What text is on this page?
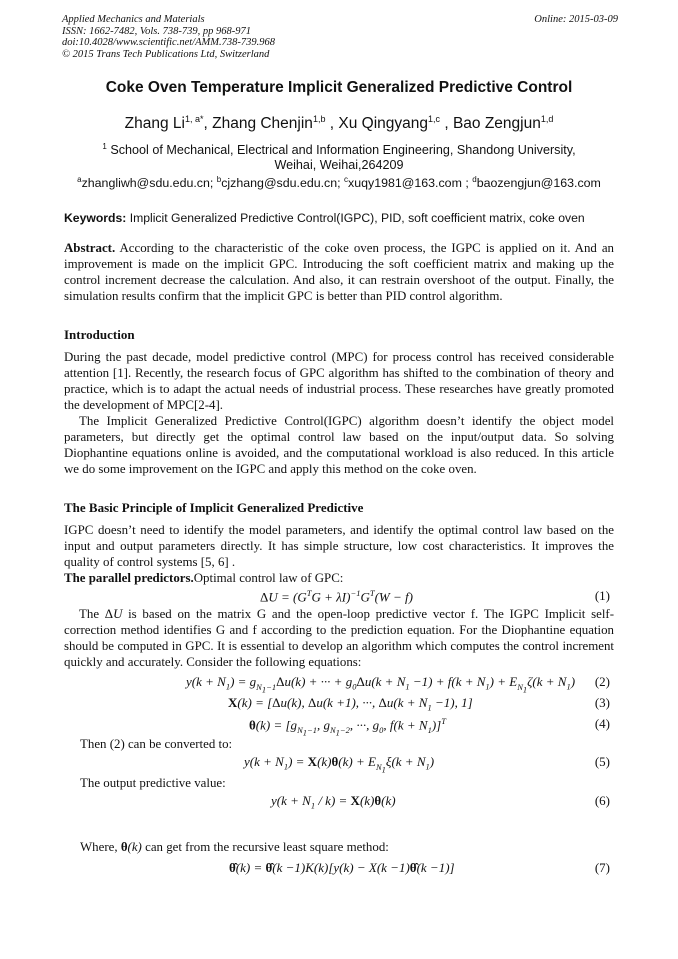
Applied Mechanics and Materials
ISSN: 1662-7482, Vols. 738-739, pp 968-971
doi:10.4028/www.scientific.net/AMM.738-739.968
© 2015 Trans Tech Publications Ltd, Switzerland
Online: 2015-03-09
Coke Oven Temperature Implicit Generalized Predictive Control
Zhang $Li^{1, a*}$, Zhang Chenjin$^{1,b}$ , Xu Qingyang$^{1,c}$ , Bao Zengjun$^{1,d}$
$^1$ School of Mechanical, Electrical and Information Engineering, Shandong University, Weihai, Weihai,264209
$^a$zhangliwh@sdu.edu.cn; $^b$cjzhang@sdu.edu.cn; $^c$xuqy1981@163.com ; $^d$baozengjun@163.com
Keywords: Implicit Generalized Predictive Control(IGPC), PID, soft coefficient matrix, coke oven
Abstract. According to the characteristic of the coke oven process, the IGPC is applied on it. And an improvement is made on the implicit GPC. Introducing the soft coefficient matrix and making up the control increment decrease the calculation. And also, it can restrain overshoot of the output. Finally, the simulation results confirm that the implicit GPC is better than PID control algorithm.
Introduction
During the past decade, model predictive control (MPC) for process control has received considerable attention [1]. Recently, the research focus of GPC algorithm has shifted to the combination of theory and practice, which is to adapt the actual needs of industrial process. These researches have greatly promoted the development of MPC[2-4].
The Implicit Generalized Predictive Control(IGPC) algorithm doesn’t identify the object model parameters, but directly get the optimal control law based on the input/output data. So solving Diophantine equations online is avoided, and the computational workload is also reduced. In this article we do some improvement on the IGPC and apply this method on the coke oven.
The Basic Principle of Implicit Generalized Predictive
IGPC doesn’t need to identify the model parameters, and identify the optimal control law based on the input and output parameters directly. It has simple structure, low cost characteristics. It improves the quality of control systems [5, 6] .
The parallel predictors.Optimal control law of GPC:
$\Delta U = (G^TG + \lambda I)^{-1}G^T(W - f)$	(1)
The ΔU is based on the matrix G and the open-loop predictive vector f. The IGPC Implicit self-correction method identifies G and f according to the prediction equation. For the Diophantine equation should be computed in GPC. It is essential to develop an algorithm which computes the control increment quickly and accurately. Consider the following equations:
$y(k + N_1) = g_{N_1-1}\Delta u(k)$ + ··· + $g_0\Delta u(k + N_1 -1) + f(k + N_1) + E_{N_1}\zeta(k + N_1)$ (2)
X(k) = [Δu(k), Δu(k +1), ···, $\Delta u(k + N_1 -1)$, 1]	(3)
$\theta(k) = [g_{N_1-1}$, $g_{N_1-2}$, ···, $g_0$, $f(k + N_1)]^T$	(4)
Then (2) can be converted to:
$y(k + N_1) = X(k)\theta(k) + E_{N_1}\xi(k + N_1)$	(5)
The output predictive value:
$y(k + N_1 / k) = X(k)\theta(k)$	(6)
Where, θ(k) can get from the recursive least square method:
θ̂(k) = θ̂(k −1)K(k)[y(k) − X(k −1)θ̂(k −1)]	(7)
